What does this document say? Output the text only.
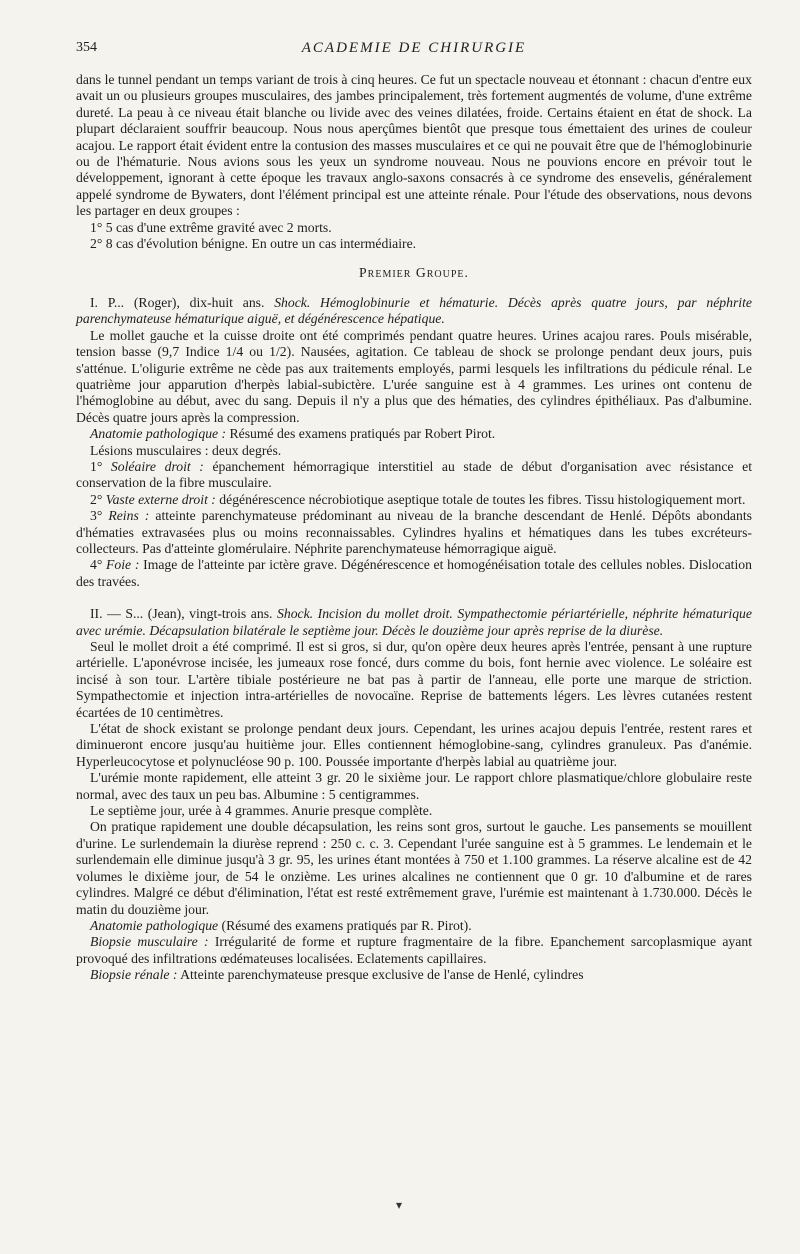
354	ACADEMIE DE CHIRURGIE

dans le tunnel pendant un temps variant de trois à cinq heures. Ce fut un spectacle nouveau et étonnant : chacun d'entre eux avait un ou plusieurs groupes musculaires, des jambes principalement, très fortement augmentés de volume, d'une extrême dureté. La peau à ce niveau était blanche ou livide avec des veines dilatées, froide. Certains étaient en état de shock. La plupart déclaraient souffrir beaucoup. Nous nous aperçûmes bientôt que presque tous émettaient des urines de couleur acajou. Le rapport était évident entre la contusion des masses musculaires et ce qui ne pouvait être que de l'hémoglobinurie ou de l'hématurie. Nous avions sous les yeux un syndrome nouveau. Nous ne pouvions encore en prévoir tout le développement, ignorant à cette époque les travaux anglo-saxons consacrés à ce syndrome des ensevelis, généralement appelé syndrome de Bywaters, dont l'élément principal est une atteinte rénale. Pour l'étude des observations, nous devons les partager en deux groupes :

1° 5 cas d'une extrême gravité avec 2 morts.

2° 8 cas d'évolution bénigne. En outre un cas intermédiaire.

Premier Groupe.

I. P... (Roger), dix-huit ans. Shock. Hémoglobinurie et hématurie. Décès après quatre jours, par néphrite parenchymateuse hématurique aiguë, et dégénérescence hépatique.

Le mollet gauche et la cuisse droite ont été comprimés pendant quatre heures. Urines acajou rares. Pouls misérable, tension basse (9,7 Indice 1/4 ou 1/2). Nausées, agitation. Ce tableau de shock se prolonge pendant deux jours, puis s'atténue. L'oligurie extrême ne cède pas aux traitements employés, parmi lesquels les infiltrations du pédicule rénal. Le quatrième jour apparution d'herpès labial-subictère. L'urée sanguine est à 4 grammes. Les urines ont contenu de l'hémoglobine au début, avec du sang. Depuis il n'y a plus que des hématies, des cylindres épithéliaux. Pas d'albumine. Décès quatre jours après la compression.

Anatomie pathologique : Résumé des examens pratiqués par Robert Pirot.

Lésions musculaires : deux degrés.

1° Soléaire droit : épanchement hémorragique interstitiel au stade de début d'organisation avec résistance et conservation de la fibre musculaire.

2° Vaste externe droit : dégénérescence nécrobiotique aseptique totale de toutes les fibres. Tissu histologiquement mort.

3° Reins : atteinte parenchymateuse prédominant au niveau de la branche descendant de Henlé. Dépôts abondants d'hématies extravasées plus ou moins reconnaissables. Cylindres hyalins et hématiques dans les tubes excréteurs-collecteurs. Pas d'atteinte glomérulaire. Néphrite parenchymateuse hémorragique aiguë.

4° Foie : Image de l'atteinte par ictère grave. Dégénérescence et homogénéisation totale des cellules nobles. Dislocation des travées.

II. — S... (Jean), vingt-trois ans. Shock. Incision du mollet droit. Sympathectomie périartérielle, néphrite hématurique avec urémie. Décapsulation bilatérale le septième jour. Décès le douzième jour après reprise de la diurèse.

Seul le mollet droit a été comprimé. Il est si gros, si dur, qu'on opère deux heures après l'entrée, pensant à une rupture artérielle. L'aponévrose incisée, les jumeaux rose foncé, durs comme du bois, font hernie avec violence. Le soléaire est incisé à son tour. L'artère tibiale postérieure ne bat pas à partir de l'anneau, elle porte une marque de striction. Sympathectomie et injection intra-artérielles de novocaïne. Reprise de battements légers. Les lèvres cutanées restent écartées de 10 centimètres.

L'état de shock existant se prolonge pendant deux jours. Cependant, les urines acajou depuis l'entrée, restent rares et diminueront encore jusqu'au huitième jour. Elles contiennent hémoglobine-sang, cylindres granuleux. Pas d'anémie. Hyperleucocytose et polynucléose 90 p. 100. Poussée importante d'herpès labial au quatrième jour.

L'urémie monte rapidement, elle atteint 3 gr. 20 le sixième jour. Le rapport chlore plasmatique/chlore globulaire reste normal, avec des taux un peu bas. Albumine : 5 centigrammes.

Le septième jour, urée à 4 grammes. Anurie presque complète.

On pratique rapidement une double décapsulation, les reins sont gros, surtout le gauche. Les pansements se mouillent d'urine. Le surlendemain la diurèse reprend : 250 c. c. 3. Cependant l'urée sanguine est à 5 grammes. Le lendemain et le surlendemain elle diminue jusqu'à 3 gr. 95, les urines étant montées à 750 et 1.100 grammes. La réserve alcaline est de 42 volumes le dixième jour, de 54 le onzième. Les urines alcalines ne contiennent que 0 gr. 10 d'albumine et de rares cylindres. Malgré ce début d'élimination, l'état est resté extrêmement grave, l'urémie est maintenant à 1.730.000. Décès le matin du douzième jour.

Anatomie pathologique (Résumé des examens pratiqués par R. Pirot).

Biopsie musculaire : Irrégularité de forme et rupture fragmentaire de la fibre. Epanchement sarcoplasmique ayant provoqué des infiltrations œdémateuses localisées. Eclatements capillaires.

Biopsie rénale : Atteinte parenchymateuse presque exclusive de l'anse de Henlé, cylindres

▾
